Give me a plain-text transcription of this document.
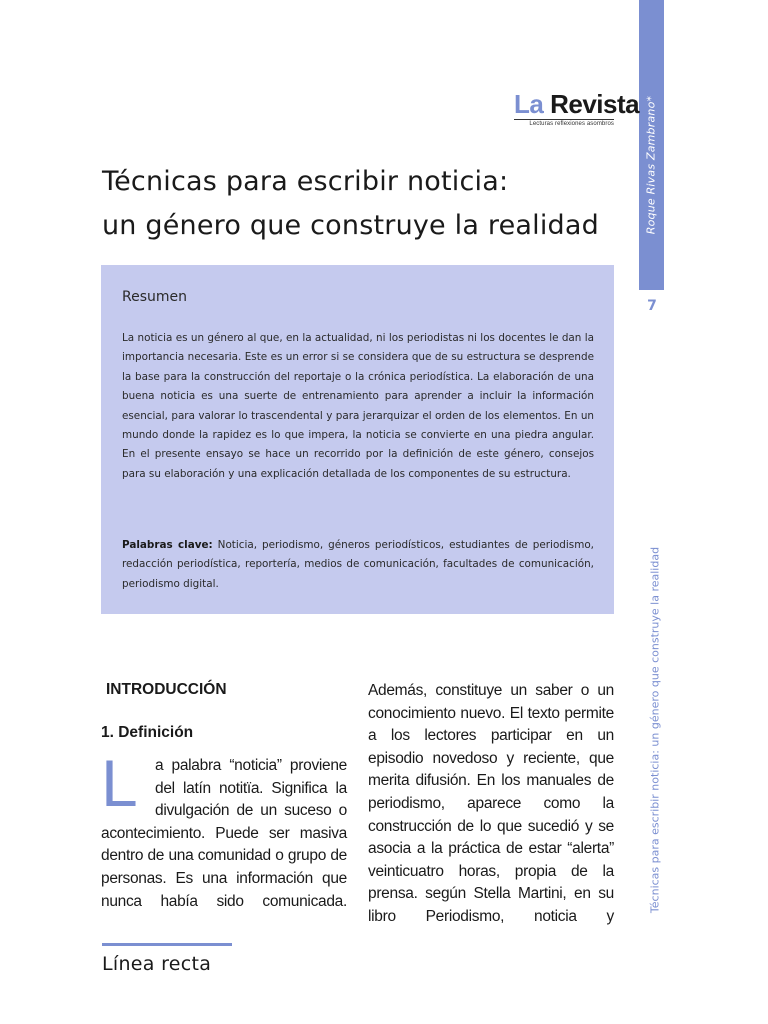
Roque Rivas Zambrano*
7
Técnicas para escribir noticia: un género que construye la realidad
La Revista
Lecturas reflexiones asombros
Técnicas para escribir noticia:
un género que construye la realidad
Resumen

La noticia es un género al que, en la actualidad, ni los periodistas ni los docentes le dan la importancia necesaria. Este es un error si se considera que de su estructura se desprende la base para la construcción del reportaje o la crónica periodística. La elaboración de una buena noticia es una suerte de entrenamiento para aprender a incluir la información esencial, para valorar lo trascendental y para jerarquizar el orden de los elementos. En un mundo donde la rapidez es lo que impera, la noticia se convierte en una piedra angular. En el presente ensayo se hace un recorrido por la definición de este género, consejos para su elaboración y una explicación detallada de los componentes de su estructura.

Palabras clave: Noticia, periodismo, géneros periodísticos, estudiantes de periodismo, redacción periodística, reportería, medios de comunicación, facultades de comunicación, periodismo digital.

INTRODUCCIÓN
1. Definición

L	a palabra “noticia” proviene del latín notitïa. Significa la divulgación de un suceso o acontecimiento. Puede ser masiva dentro de una comunidad o grupo de personas. Es una información que nunca había sido comunicada.

Además, constituye un saber o un conocimiento nuevo. El texto permite a los lectores participar en un episodio novedoso y reciente, que merita difusión. En los manuales de periodismo, aparece como la construcción de lo que sucedió y se asocia a la práctica de estar “alerta” veinticuatro horas, propia de la prensa. según Stella Martini, en su libro Periodismo, noticia y

Línea recta
